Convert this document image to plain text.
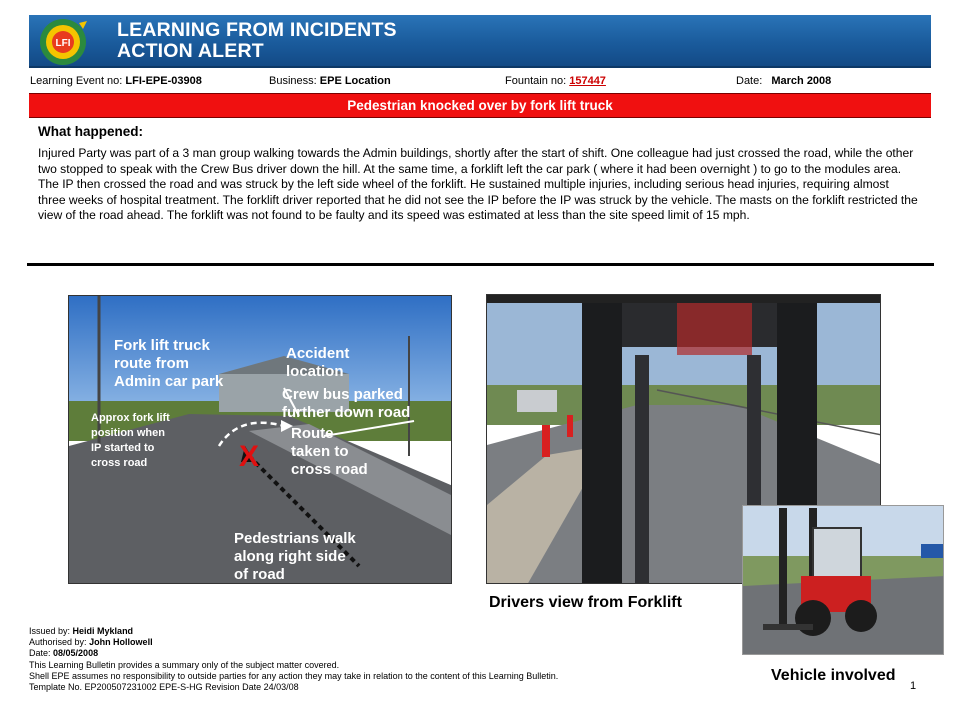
LFI
LEARNING FROM INCIDENTS
ACTION ALERT
Learning Event no: LFI-EPE-03908	Business: EPE Location	Fountain no: 157447	Date: March 2008
Pedestrian knocked over by fork lift truck
What happened:
Injured Party was part of a 3 man group walking towards the Admin buildings, shortly after the start of shift. One colleague had just crossed the road, while the other two stopped to speak with the Crew Bus driver down the hill. At the same time, a forklift left the car park ( where it had been overnight ) to go to the modules area. The IP then crossed the road and was struck by the left side wheel of the forklift. He sustained multiple injuries, including serious head injuries, requiring almost three weeks of hospital treatment. The forklift driver reported that he did not see the IP before the IP was struck by the vehicle. The masts on the forklift restricted the view of the road ahead. The forklift was not found to be faulty and its speed was estimated at less than the site speed limit of 15 mph.
X
Fork lift truck
route from
Admin car park
Accident
location
Crew bus parked
further down road
Route
taken to
cross road
Pedestrians walk
along right side
of road
Approx fork lift
position when
IP started to
cross road
Drivers view from Forklift
Vehicle involved
1
Issued by: Heidi Mykland
Authorised by: John Hollowell
Date: 08/05/2008
This Learning Bulletin provides a summary only of the subject matter covered.
Shell EPE assumes no responsibility to outside parties for any action they may take in relation to the content of this Learning Bulletin.
Template No. EP200507231002 EPE-S-HG Revision Date 24/03/08
